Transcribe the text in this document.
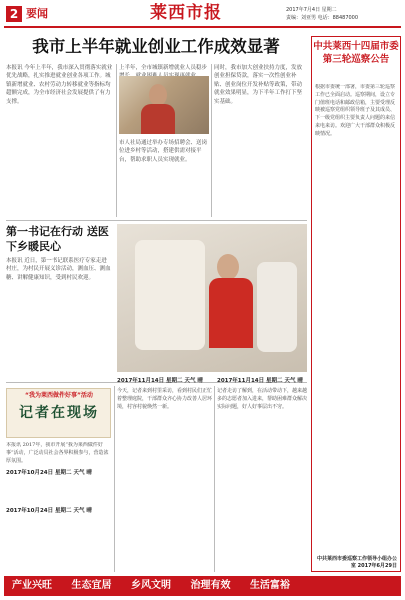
2 要闻	莱西市报	2017年7月4日 星期二
责编：刘亚男 电话：88487000
我市上半年就业创业工作成效显著
本报讯 今年上半年，我市深入贯彻落实就业优先战略，扎实推进就业创业各项工作。城镇新增就业、农村劳动力转移就业等指标均超额完成，为全市经济社会发展提供了有力支撑。
上半年，全市城镇新增就业人员稳步
市人社局通过举办专场招聘会、送岗位进乡村等活动，搭建供需对接平台，帮助求职人员实现就业。
同时，我市加大创业扶持力度，发放创业担保贷款，落实一次性创业补贴、创业岗位开发补贴等政策，带动就业效果明显，为下半年工作打下坚实基础。
第一书记在行动 送医下乡暖民心
本报讯 近日，第一书记联系医疗专家走进村庄，为村民开展义诊活动，测血压、测血糖、讲解健康知识，受到村民欢迎。
“我为莱西做件好事”活动
记者在现场
本报讯 2017年，我市开展“我为莱西做件好事”活动，广泛动员社会各界积极参与，营造浓厚氛围。
2017年10月24日 星期二 天气 晴
2017年10月24日 星期二 天气 晴
2017年11月14日 星期二 天气 晴
今天，记者来到村里采访，看到村民们正忙着整理庭院，干部群众齐心协力改善人居环境，村容村貌焕然一新。
2017年11月14日 星期二 天气 晴
记者走访了解到，在活动带动下，越来越多的志愿者加入进来，帮助困难群众解决实际问题，好人好事层出不穷。
中共莱西十四届市委第三轮巡察公告
根据市委统一部署，市委第三轮巡察工作已全面启动。巡察期间，设立专门值班电话和邮政信箱，主要受理反映被巡察党组织领导班子及其成员、下一级党组织主要负责人问题的来信来电来访。欢迎广大干部群众积极反映情况。
中共莱西市委巡察工作领导小组办公室 2017年6月29日
产业兴旺 生态宜居 乡风文明 治理有效 生活富裕
